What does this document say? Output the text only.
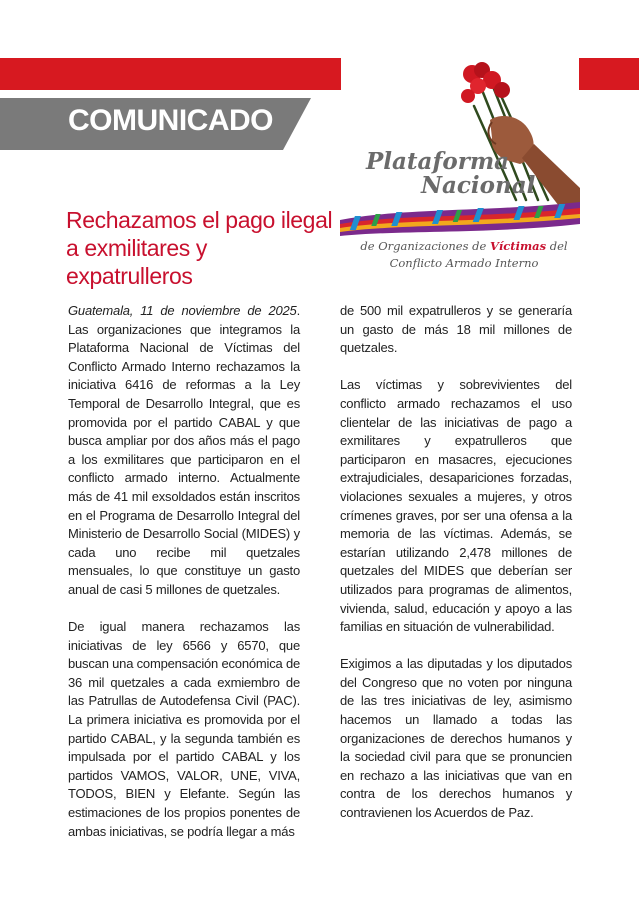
COMUNICADO
Rechazamos el pago ilegal
a exmilitares y expatrulleros
Plataforma
Nacional
de Organizaciones de Víctimas del
Conflicto Armado Interno

Guatemala, 11 de noviembre de 2025. Las organizaciones que integramos la Plataforma Nacional de Víctimas del Conflicto Armado Interno rechazamos la iniciativa 6416 de reformas a la Ley Temporal de Desarrollo Integral, que es promovida por el partido CABAL y que busca ampliar por dos años más el pago a los exmilitares que participaron en el conflicto armado interno. Actualmente más de 41 mil exsoldados están inscritos en el Programa de Desarrollo Integral del Ministerio de Desarrollo Social (MIDES) y cada uno recibe mil quetzales mensuales, lo que constituye un gasto anual de casi 5 millones de quetzales.

De igual manera rechazamos las iniciativas de ley 6566 y 6570, que buscan una compensación económica de 36 mil quetzales a cada exmiembro de las Patrullas de Autodefensa Civil (PAC). La primera iniciativa es promovida por el partido CABAL, y la segunda también es impulsada por el partido CABAL y los partidos VAMOS, VALOR, UNE, VIVA, TODOS, BIEN y Elefante. Según las estimaciones de los propios ponentes de ambas iniciativas, se podría llegar a más

de 500 mil expatrulleros y se generaría un gasto de más 18 mil millones de quetzales.

Las víctimas y sobrevivientes del conflicto armado rechazamos el uso clientelar de las iniciativas de pago a exmilitares y expatrulleros que participaron en masacres, ejecuciones extrajudiciales, desapariciones forzadas, violaciones sexuales a mujeres, y otros crímenes graves, por ser una ofensa a la memoria de las víctimas. Además, se estarían utilizando 2,478 millones de quetzales del MIDES que deberían ser utilizados para programas de alimentos, vivienda, salud, educación y apoyo a las familias en situación de vulnerabilidad.

Exigimos a las diputadas y los diputados del Congreso que no voten por ninguna de las tres iniciativas de ley, asimismo hacemos un llamado a todas las organizaciones de derechos humanos y la sociedad civil para que se pronuncien en rechazo a las iniciativas que van en contra de los derechos humanos y contravienen los Acuerdos de Paz.
